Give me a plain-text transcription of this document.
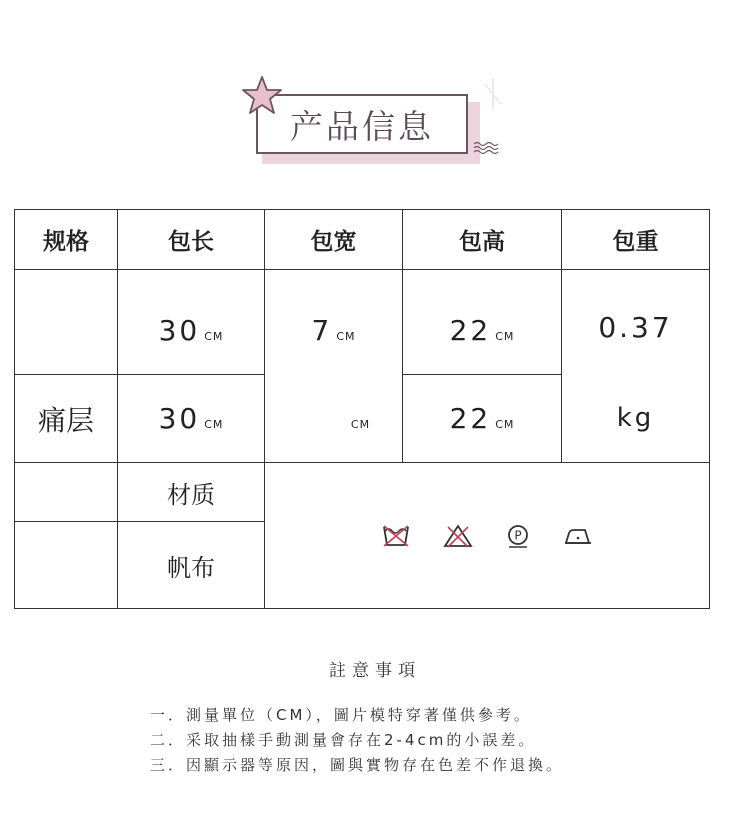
产品信息
规格	包长	包宽	包高	包重
	30 CM	7 CM	22 CM	0.37
痛层	30 CM	CM	22 CM	kg
	材质	P		

	帆布			
註意事項
一．測量單位（CM），圖片模特穿著僅供參考。
二．采取抽樣手動測量會存在2-4cm的小誤差。
三．因顯示器等原因，圖與實物存在色差不作退換。
